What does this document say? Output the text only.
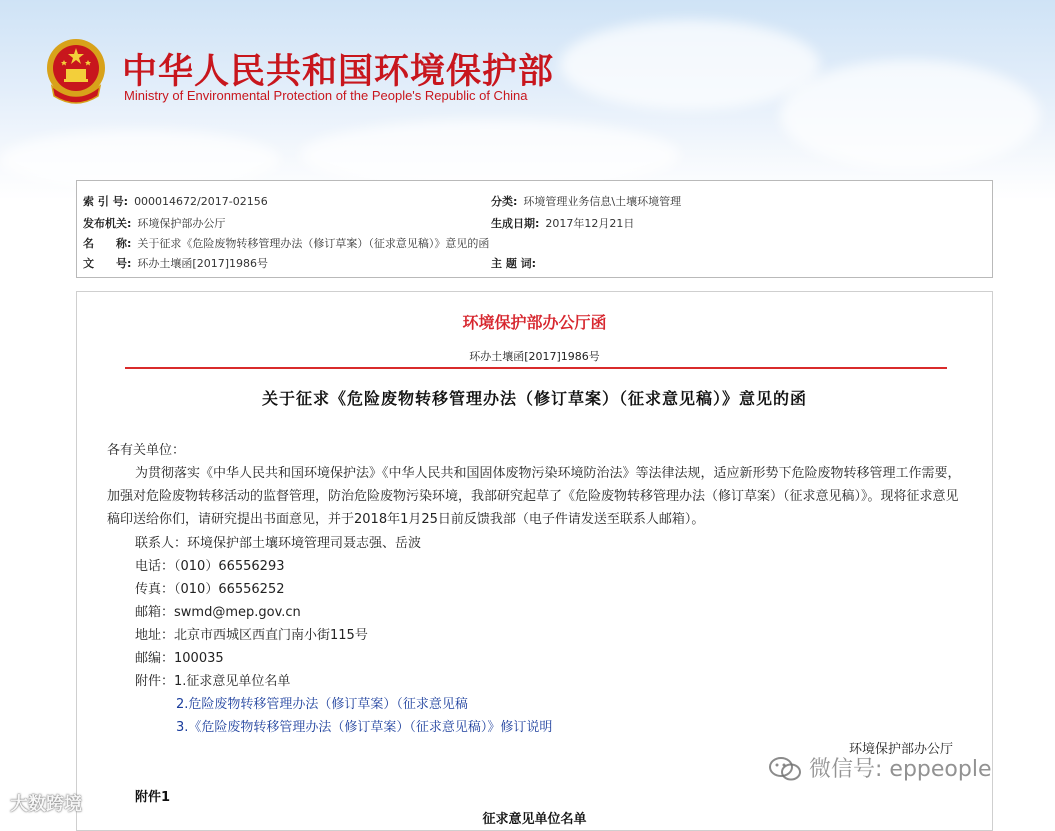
中华人民共和国环境保护部
Ministry of Environmental Protection of the People's Republic of China
索 引 号: 000014672/2017-02156	分类: 环境管理业务信息\土壤环境管理
发布机关: 环境保护部办公厅	生成日期: 2017年12月21日
名　　称: 关于征求《危险废物转移管理办法（修订草案）（征求意见稿）》意见的函
文　　号: 环办土壤函[2017]1986号	主 题 词:
环境保护部办公厅函
环办土壤函[2017]1986号
关于征求《危险废物转移管理办法（修订草案）（征求意见稿）》意见的函
各有关单位：
为贯彻落实《中华人民共和国环境保护法》《中华人民共和国固体废物污染环境防治法》等法律法规，适应新形势下危险废物转移管理工作需要，加强对危险废物转移活动的监督管理，防治危险废物污染环境，我部研究起草了《危险废物转移管理办法（修订草案）（征求意见稿）》。现将征求意见稿印送给你们，请研究提出书面意见，并于2018年1月25日前反馈我部（电子件请发送至联系人邮箱）。
联系人：环境保护部土壤环境管理司聂志强、岳波
电话：（010）66556293
传真：（010）66556252
邮箱：swmd@mep.gov.cn
地址：北京市西城区西直门南小街115号
邮编：100035
附件：1.征求意见单位名单
2.危险废物转移管理办法（修订草案）（征求意见稿
3.《危险废物转移管理办法（修订草案）（征求意见稿）》修订说明
环境保护部办公厅
附件1
征求意见单位名单
微信号: eppeople
大数跨境
